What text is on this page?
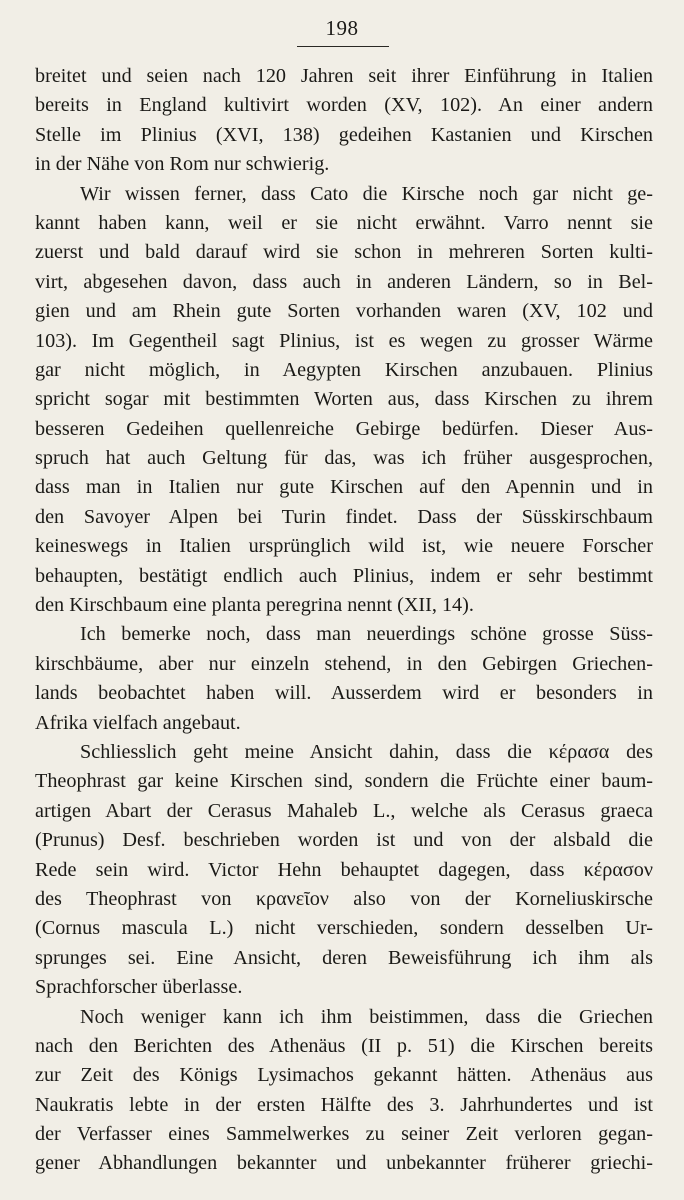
198
breitet und seien nach 120 Jahren seit ihrer Einführung in Italien
bereits in England kultivirt worden (XV, 102). An einer andern
Stelle im Plinius (XVI, 138) gedeihen Kastanien und Kirschen
in der Nähe von Rom nur schwierig.
Wir wissen ferner, dass Cato die Kirsche noch gar nicht ge-
kannt haben kann, weil er sie nicht erwähnt. Varro nennt sie
zuerst und bald darauf wird sie schon in mehreren Sorten kulti-
virt, abgesehen davon, dass auch in anderen Ländern, so in Bel-
gien und am Rhein gute Sorten vorhanden waren (XV, 102 und
103). Im Gegentheil sagt Plinius, ist es wegen zu grosser Wärme
gar nicht möglich, in Aegypten Kirschen anzubauen. Plinius
spricht sogar mit bestimmten Worten aus, dass Kirschen zu ihrem
besseren Gedeihen quellenreiche Gebirge bedürfen. Dieser Aus-
spruch hat auch Geltung für das, was ich früher ausgesprochen,
dass man in Italien nur gute Kirschen auf den Apennin und in
den Savoyer Alpen bei Turin findet. Dass der Süsskirschbaum
keineswegs in Italien ursprünglich wild ist, wie neuere Forscher
behaupten, bestätigt endlich auch Plinius, indem er sehr bestimmt
den Kirschbaum eine planta peregrina nennt (XII, 14).
Ich bemerke noch, dass man neuerdings schöne grosse Süss-
kirschbäume, aber nur einzeln stehend, in den Gebirgen Griechen-
lands beobachtet haben will. Ausserdem wird er besonders in
Afrika vielfach angebaut.
Schliesslich geht meine Ansicht dahin, dass die κέρασα des
Theophrast gar keine Kirschen sind, sondern die Früchte einer baum-
artigen Abart der Cerasus Mahaleb L., welche als Cerasus graeca
(Prunus) Desf. beschrieben worden ist und von der alsbald die
Rede sein wird. Victor Hehn behauptet dagegen, dass κέρασον
des Theophrast von κρανεῖον also von der Korneliuskirsche
(Cornus mascula L.) nicht verschieden, sondern desselben Ur-
sprunges sei. Eine Ansicht, deren Beweisführung ich ihm als
Sprachforscher überlasse.
Noch weniger kann ich ihm beistimmen, dass die Griechen
nach den Berichten des Athenäus (II p. 51) die Kirschen bereits
zur Zeit des Königs Lysimachos gekannt hätten. Athenäus aus
Naukratis lebte in der ersten Hälfte des 3. Jahrhundertes und ist
der Verfasser eines Sammelwerkes zu seiner Zeit verloren gegan-
gener Abhandlungen bekannter und unbekannter früherer griechi-
